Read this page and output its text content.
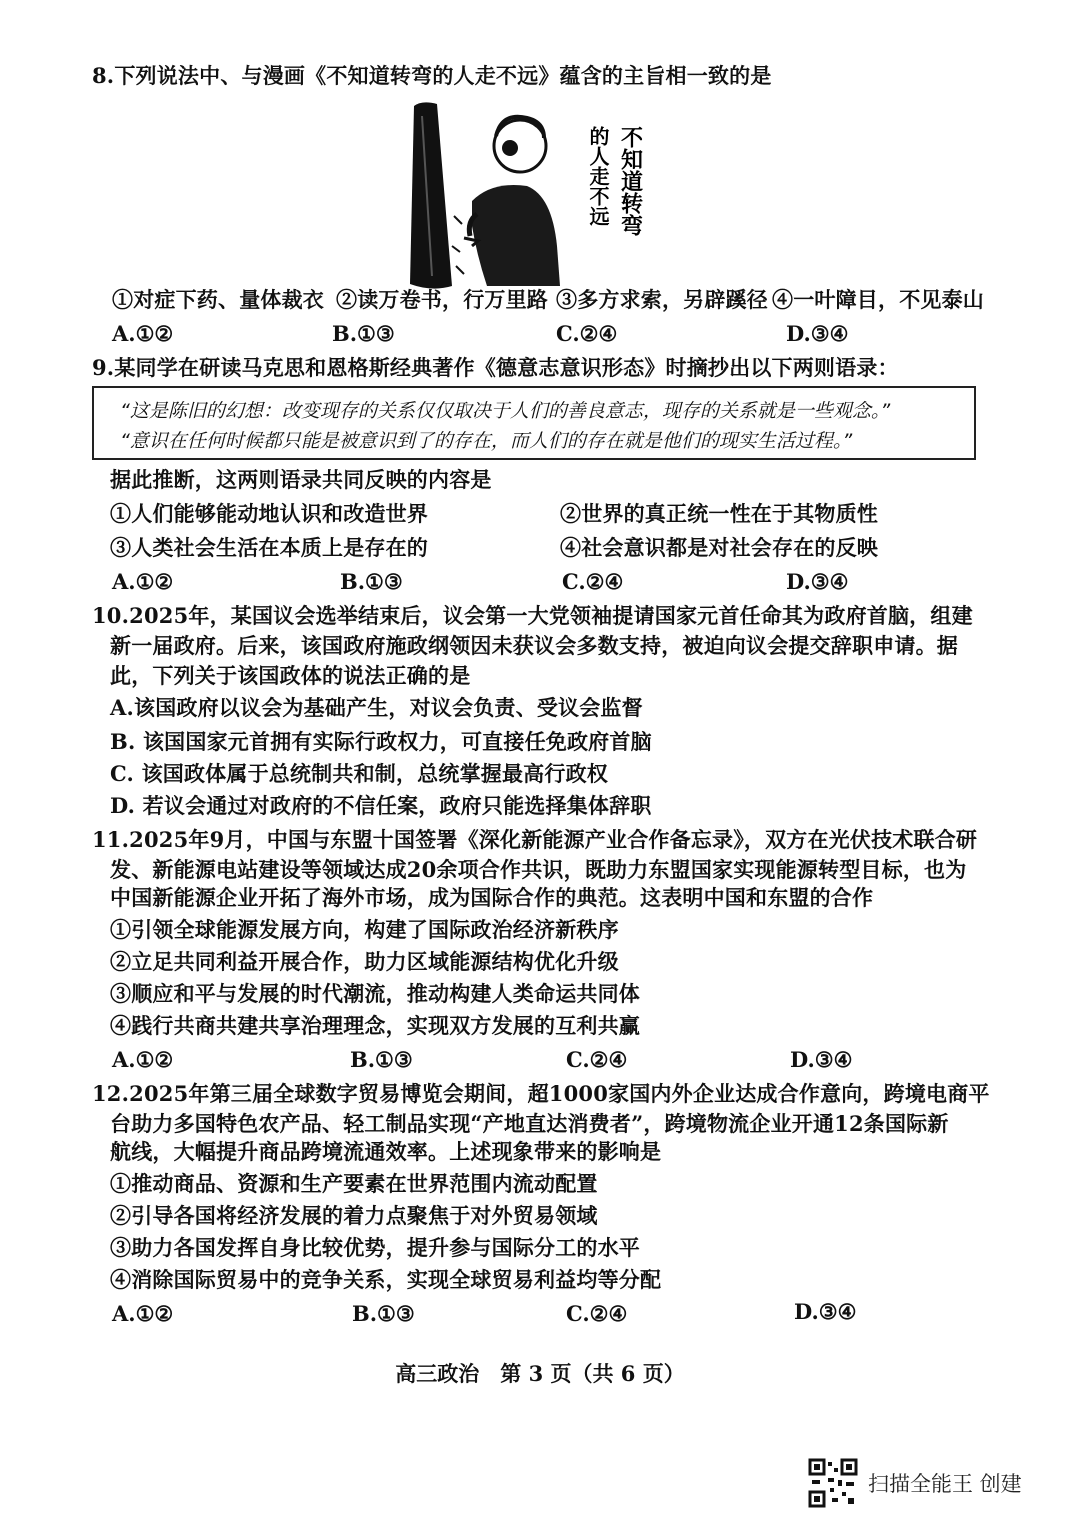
8.下列说法中、与漫画《不知道转弯的人走不远》蕴含的主旨相一致的是
不知道转弯
的人走不远
①对症下药、量体裁衣 ②读万卷书，行万里路 ③多方求索，另辟蹊径 ④一叶障目，不见泰山
A.①②	B.①③	C.②④	D.③④
9.某同学在研读马克思和恩格斯经典著作《德意志意识形态》时摘抄出以下两则语录：
“这是陈旧的幻想：改变现存的关系仅仅取决于人们的善良意志，现存的关系就是一些观念。”
“意识在任何时候都只能是被意识到了的存在，而人们的存在就是他们的现实生活过程。”
据此推断，这两则语录共同反映的内容是
①人们能够能动地认识和改造世界	②世界的真正统一性在于其物质性
③人类社会生活在本质上是存在的	④社会意识都是对社会存在的反映
A.①②	B.①③	C.②④	D.③④
10.2025年，某国议会选举结束后，议会第一大党领袖提请国家元首任命其为政府首脑，组建
新一届政府。后来，该国政府施政纲领因未获议会多数支持，被迫向议会提交辞职申请。据
此，下列关于该国政体的说法正确的是
A.该国政府以议会为基础产生，对议会负责、受议会监督
B. 该国国家元首拥有实际行政权力，可直接任免政府首脑
C. 该国政体属于总统制共和制，总统掌握最高行政权
D. 若议会通过对政府的不信任案，政府只能选择集体辞职
11.2025年9月，中国与东盟十国签署《深化新能源产业合作备忘录》，双方在光伏技术联合研
发、新能源电站建设等领域达成20余项合作共识，既助力东盟国家实现能源转型目标，也为
中国新能源企业开拓了海外市场，成为国际合作的典范。这表明中国和东盟的合作
①引领全球能源发展方向，构建了国际政治经济新秩序
②立足共同利益开展合作，助力区域能源结构优化升级
③顺应和平与发展的时代潮流，推动构建人类命运共同体
④践行共商共建共享治理理念，实现双方发展的互利共赢
A.①②	B.①③	C.②④	D.③④
12.2025年第三届全球数字贸易博览会期间，超1000家国内外企业达成合作意向，跨境电商平
台助力多国特色农产品、轻工制品实现“产地直达消费者”，跨境物流企业开通12条国际新
航线，大幅提升商品跨境流通效率。上述现象带来的影响是
①推动商品、资源和生产要素在世界范围内流动配置
②引导各国将经济发展的着力点聚焦于对外贸易领域
③助力各国发挥自身比较优势，提升参与国际分工的水平
④消除国际贸易中的竞争关系，实现全球贸易利益均等分配
A.①②	B.①③	C.②④	D.③④
高三政治　第 3 页（共 6 页）
扫描全能王 创建
